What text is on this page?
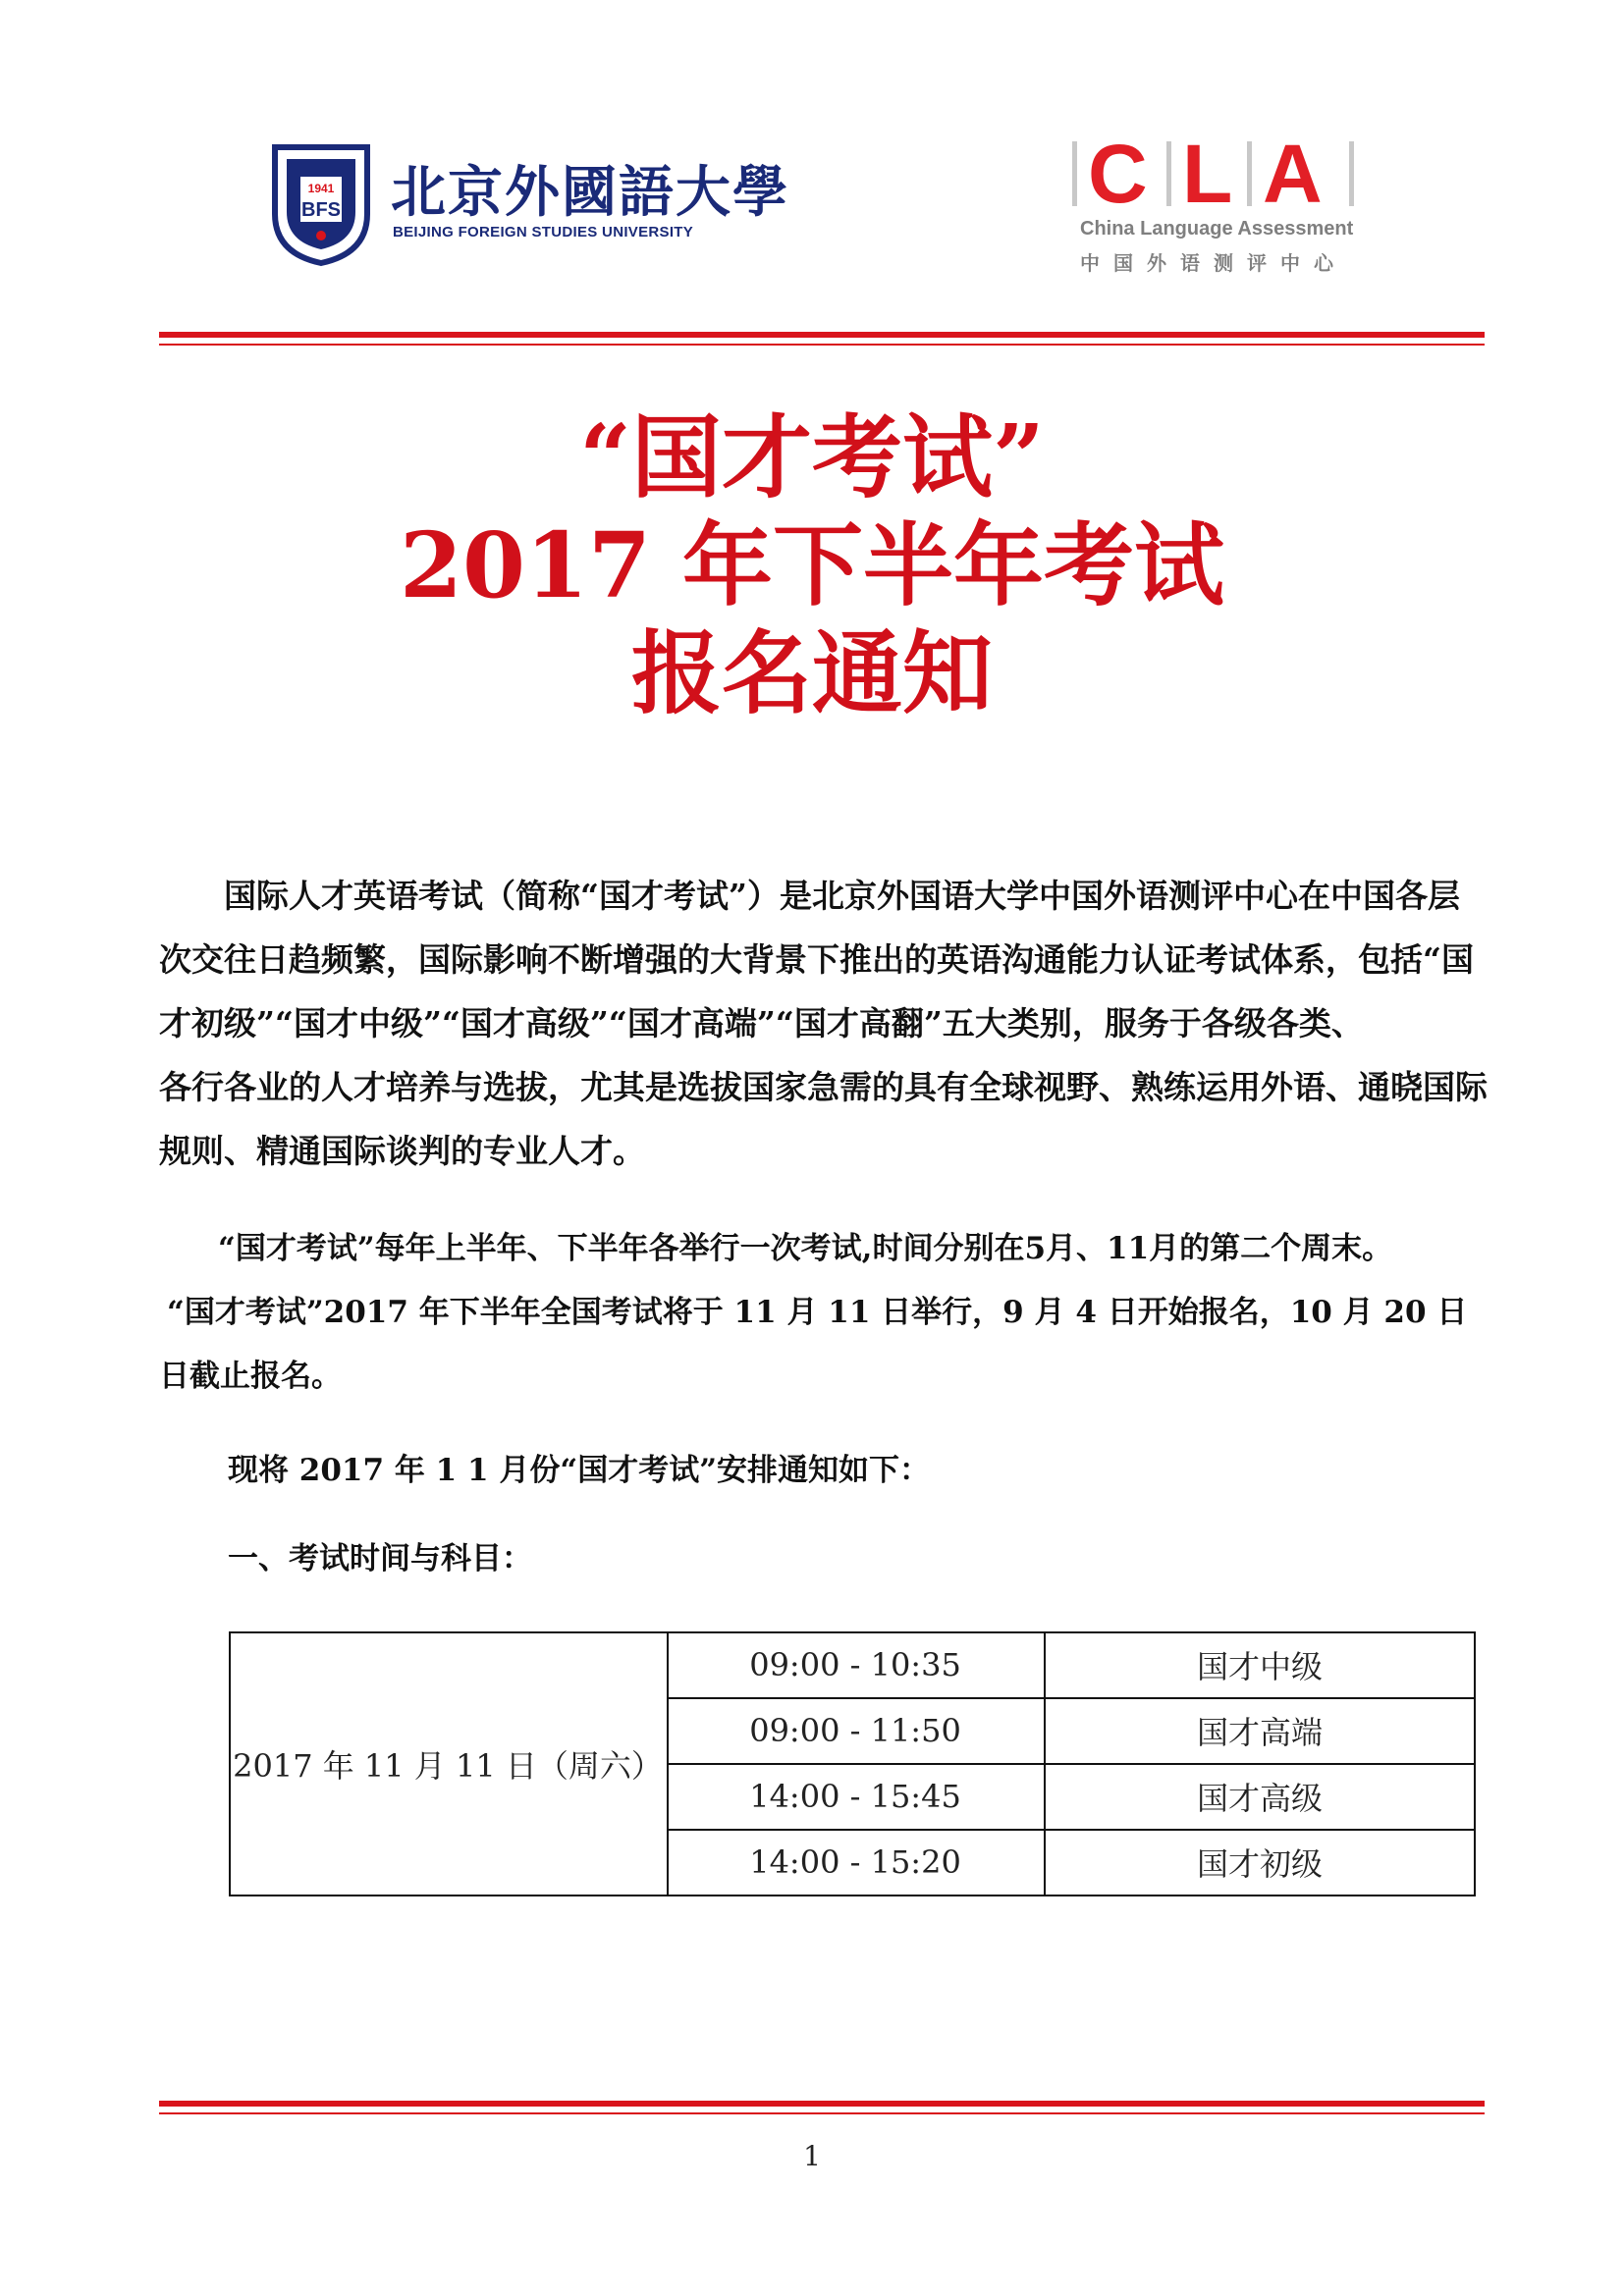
1941
BFS 北京外國語大學
BEIJING FOREIGN STUDIES UNIVERSITY
C L A
China Language Assessment
中国外语测评中心
“国才考试”
2017 年下半年考试
报名通知
国际人才英语考试（简称“国才考试”）是北京外国语大学中国外语测评中心在中国各层
次交往日趋频繁，国际影响不断增强的大背景下推出的英语沟通能力认证考试体系，包括“国
才初级”“国才中级”“国才高级”“国才高端”“国才高翻”五大类别，服务于各级各类、
各行各业的人才培养与选拔，尤其是选拔国家急需的具有全球视野、熟练运用外语、通晓国际
规则、精通国际谈判的专业人才。
“国才考试”每年上半年、下半年各举行一次考试,时间分别在5月、11月的第二个周末。
“国才考试”2017 年下半年全国考试将于 11 月 11 日举行，9 月 4 日开始报名，10 月 20 日
日截止报名。
现将 2017 年 1 1 月份“国才考试”安排通知如下：
一、考试时间与科目：
2017 年 11 月 11 日（周六）
09:00 - 10:35	国才中级
09:00 - 11:50	国才高端
14:00 - 15:45	国才高级
14:00 - 15:20	国才初级
1
